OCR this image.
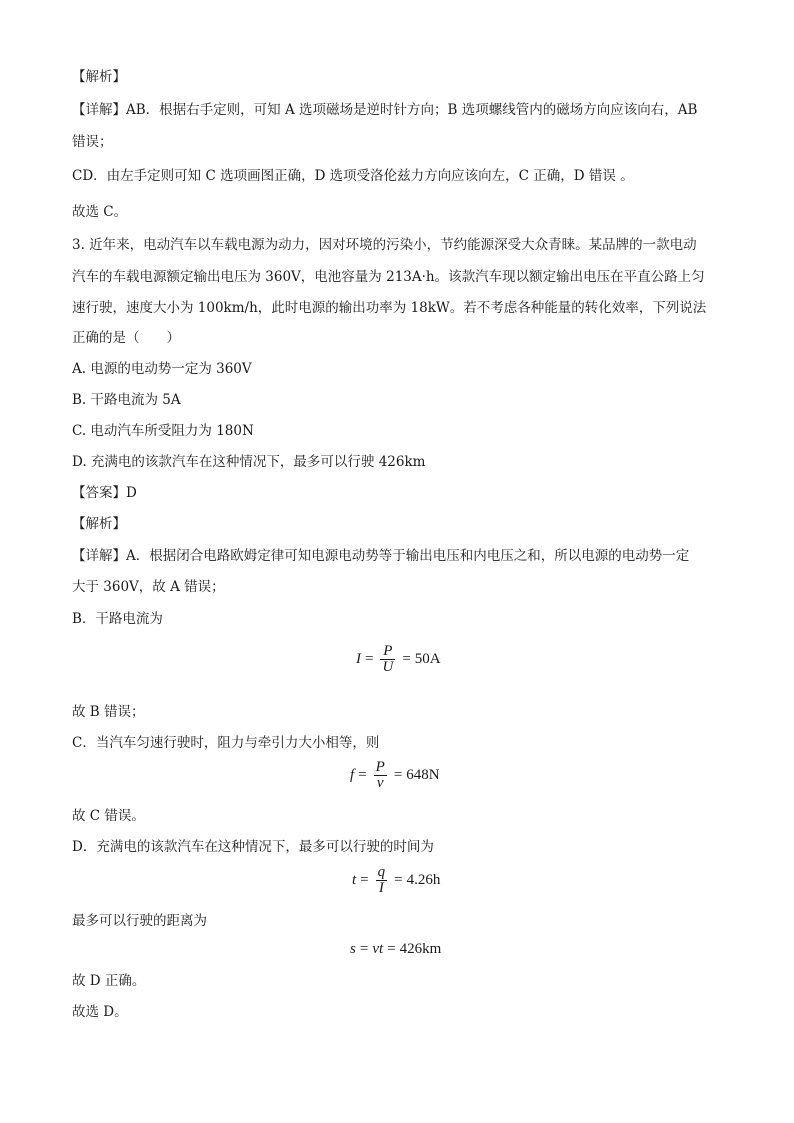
【解析】
【详解】AB．根据右手定则，可知 A 选项磁场是逆时针方向；B 选项螺线管内的磁场方向应该向右，AB
错误；
CD．由左手定则可知 C 选项画图正确，D 选项受洛伦兹力方向应该向左，C 正确，D 错误 。
故选 C。
3. 近年来，电动汽车以车载电源为动力，因对环境的污染小，节约能源深受大众青睐。某品牌的一款电动
汽车的车载电源额定输出电压为 360V，电池容量为 213A·h。该款汽车现以额定输出电压在平直公路上匀
速行驶，速度大小为 100km/h，此时电源的输出功率为 18kW。若不考虑各种能量的转化效率，下列说法
正确的是（　　）
A. 电源的电动势一定为 360V
B. 干路电流为 5A
C. 电动汽车所受阻力为 180N
D. 充满电的该款汽车在这种情况下，最多可以行驶 426km
【答案】D
【解析】
【详解】A．根据闭合电路欧姆定律可知电源电动势等于输出电压和内电压之和，所以电源的电动势一定
大于 360V，故 A 错误；
B．干路电流为
$I = \frac{P}{U} = 50A$
故 B 错误；
C．当汽车匀速行驶时，阻力与牵引力大小相等，则
$f = \frac{P}{v} = 648N$
故 C 错误。
D．充满电的该款汽车在这种情况下，最多可以行驶的时间为
$t = \frac{q}{I} = 4.26h$
最多可以行驶的距离为
s = vt = 426km
故 D 正确。
故选 D。
